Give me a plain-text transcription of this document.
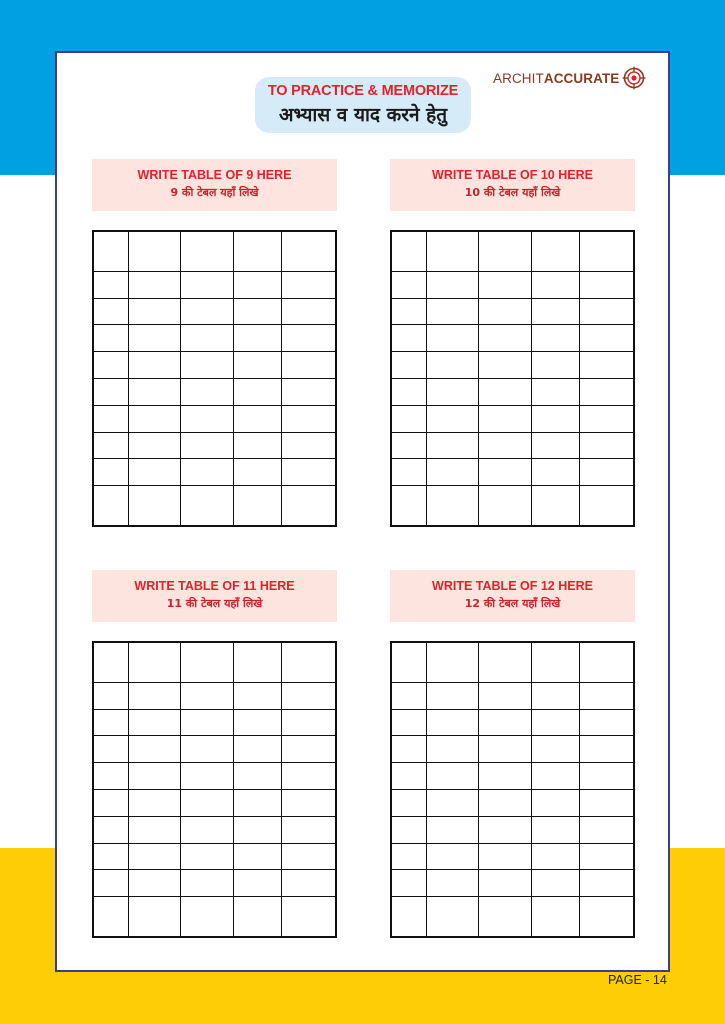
TO PRACTICE & MEMORIZE
अभ्यास व याद करने हेतु
ARCHITACCURATE
WRITE TABLE OF 9 HERE
9 की टेबल यहाँ लिखे

WRITE TABLE OF 10 HERE
10 की टेबल यहाँ लिखे

WRITE TABLE OF 11 HERE
11 की टेबल यहाँ लिखे

WRITE TABLE OF 12 HERE
12 की टेबल यहाँ लिखे

PAGE - 14
